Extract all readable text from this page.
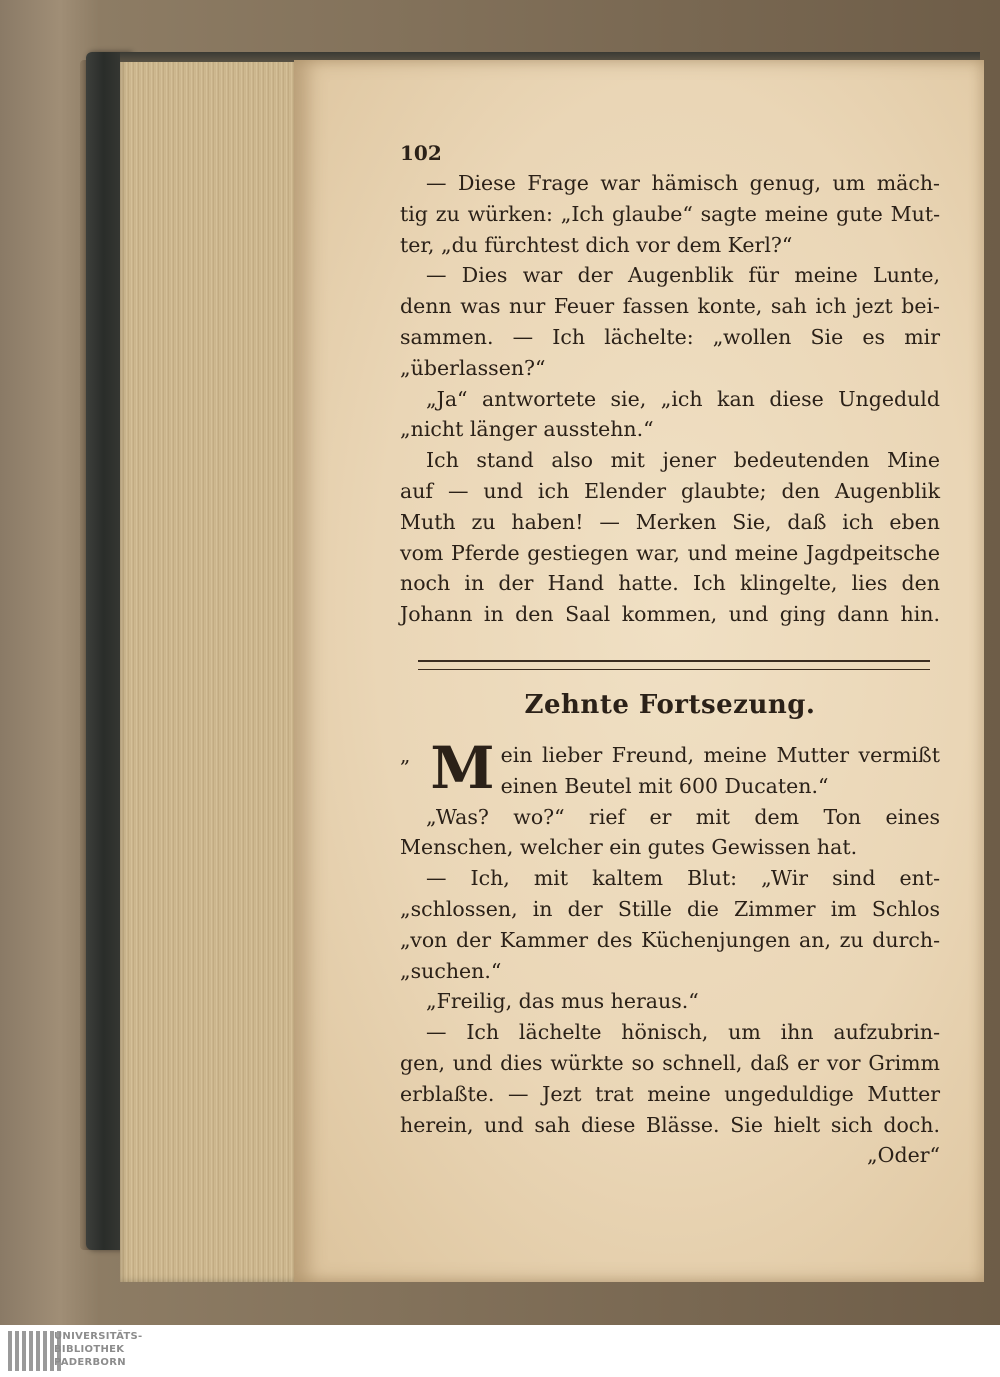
102
— Diese Frage war hämisch genug, um mäch-
tig zu würken: „Ich glaube“ sagte meine gute Mut-
ter, „du fürchtest dich vor dem Kerl?“
— Dies war der Augenblik für meine Lunte,
denn was nur Feuer fassen konte, sah ich jezt bei-
sammen. — Ich lächelte: „wollen Sie es mir
„überlassen?“
„Ja“ antwortete sie, „ich kan diese Ungeduld
„nicht länger ausstehn.“
Ich stand also mit jener bedeutenden Mine
auf — und ich Elender glaubte; den Augenblik
Muth zu haben! — Merken Sie, daß ich eben
vom Pferde gestiegen war, und meine Jagdpeitsche
noch in der Hand hatte. Ich klingelte, lies den
Johann in den Saal kommen, und ging dann hin.
Zehnte Fortsezung.
„ M ein lieber Freund, meine Mutter vermißt
einen Beutel mit 600 Ducaten.“
„Was? wo?“ rief er mit dem Ton eines
Menschen, welcher ein gutes Gewissen hat.
— Ich, mit kaltem Blut: „Wir sind ent-
„schlossen, in der Stille die Zimmer im Schlos
„von der Kammer des Küchenjungen an, zu durch-
„suchen.“
„Freilig, das mus heraus.“
— Ich lächelte hönisch, um ihn aufzubrin-
gen, und dies würkte so schnell, daß er vor Grimm
erblaßte. — Jezt trat meine ungeduldige Mutter
herein, und sah diese Blässe. Sie hielt sich doch.
„Oder“
UNIVERSITÄTS-
BIBLIOTHEK
PADERBORN
